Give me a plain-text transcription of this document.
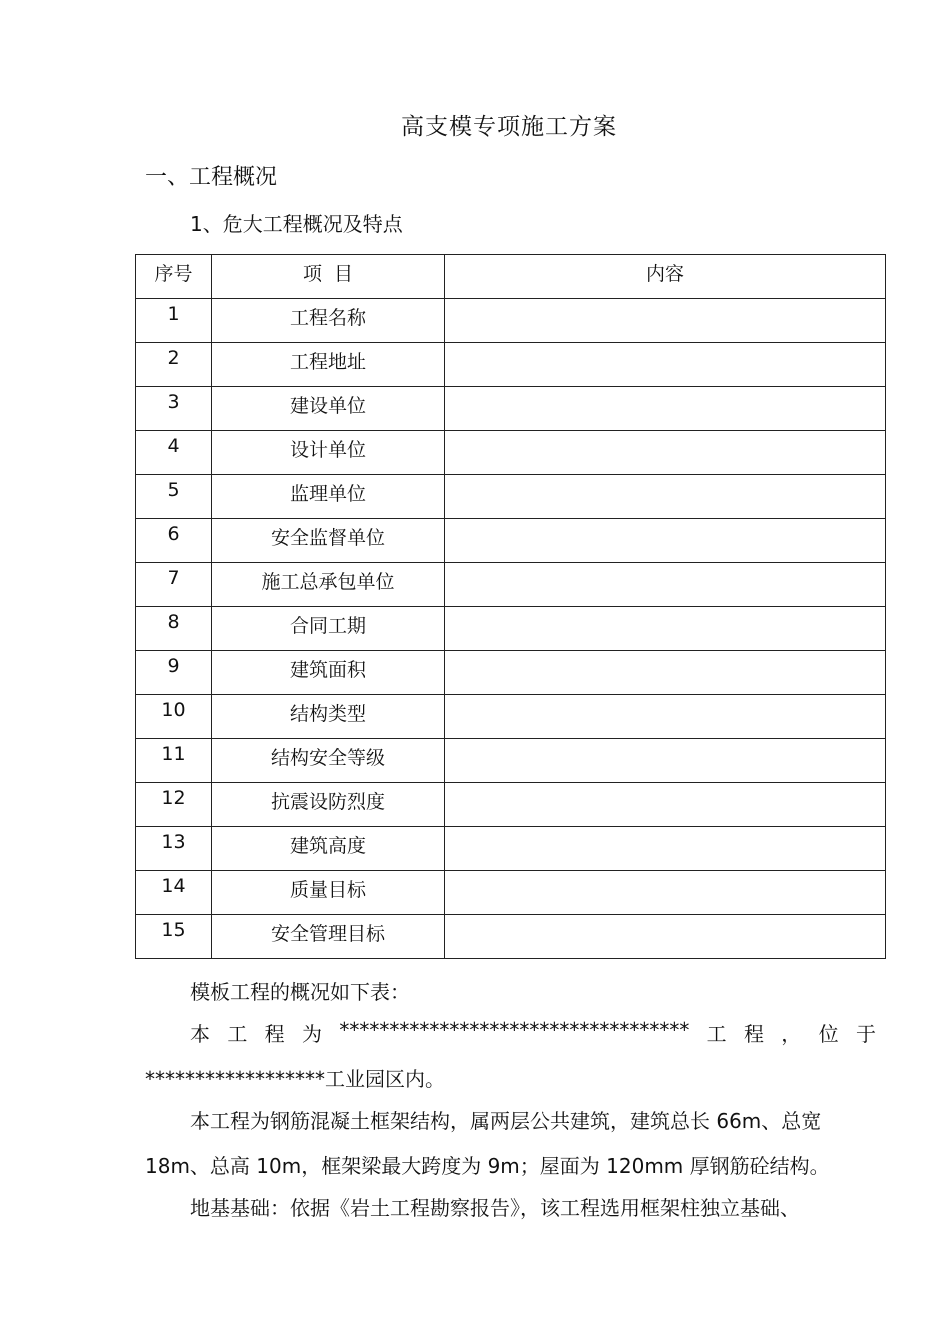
高支模专项施工方案
一、工程概况
1、危大工程概况及特点
序号	项  目	内容

1	工程名称	

2	工程地址	

3	建设单位	

4	设计单位	

5	监理单位	

6	安全监督单位	

7	施工总承包单位	

8	合同工期	

9	建筑面积	

10	结构类型	

11	结构安全等级	

12	抗震设防烈度	

13	建筑高度	

14	质量目标	

15	安全管理目标	

模板工程的概况如下表：
本 工 程 为 *********************************** 工 程 ， 位 于
******************工业园区内。
本工程为钢筋混凝土框架结构，属两层公共建筑，建筑总长 66m、总宽
18m、总高 10m，框架梁最大跨度为 9m；屋面为 120mm 厚钢筋砼结构。
地基基础：依据《岩土工程勘察报告》，该工程选用框架柱独立基础、
